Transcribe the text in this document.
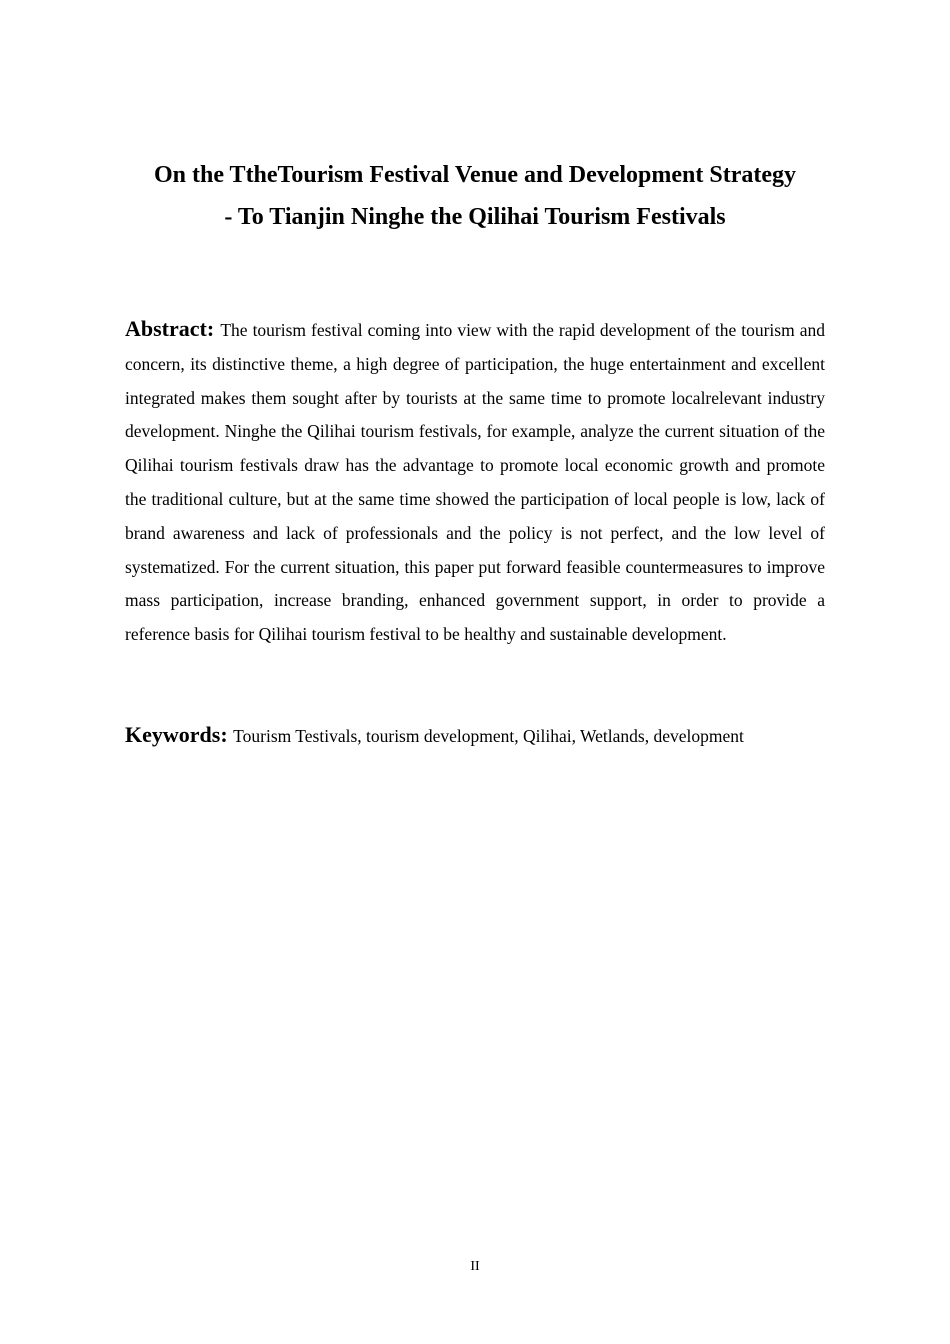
On the TtheTourism Festival Venue and Development Strategy
- To Tianjin Ninghe the Qilihai Tourism Festivals
Abstract: The tourism festival coming into view with the rapid development of the tourism and concern, its distinctive theme, a high degree of participation, the huge entertainment and excellent integrated makes them sought after by tourists at the same time to promote localrelevant industry development. Ninghe the Qilihai tourism festivals, for example, analyze the current situation of the Qilihai tourism festivals draw has the advantage to promote local economic growth and promote the traditional culture, but at the same time showed the participation of local people is low, lack of brand awareness and lack of professionals and the policy is not perfect, and the low level of systematized. For the current situation, this paper put forward feasible countermeasures to improve mass participation, increase branding, enhanced government support, in order to provide a reference basis for Qilihai tourism festival to be healthy and sustainable development.
Keywords: Tourism Testivals, tourism development, Qilihai, Wetlands, development
II
